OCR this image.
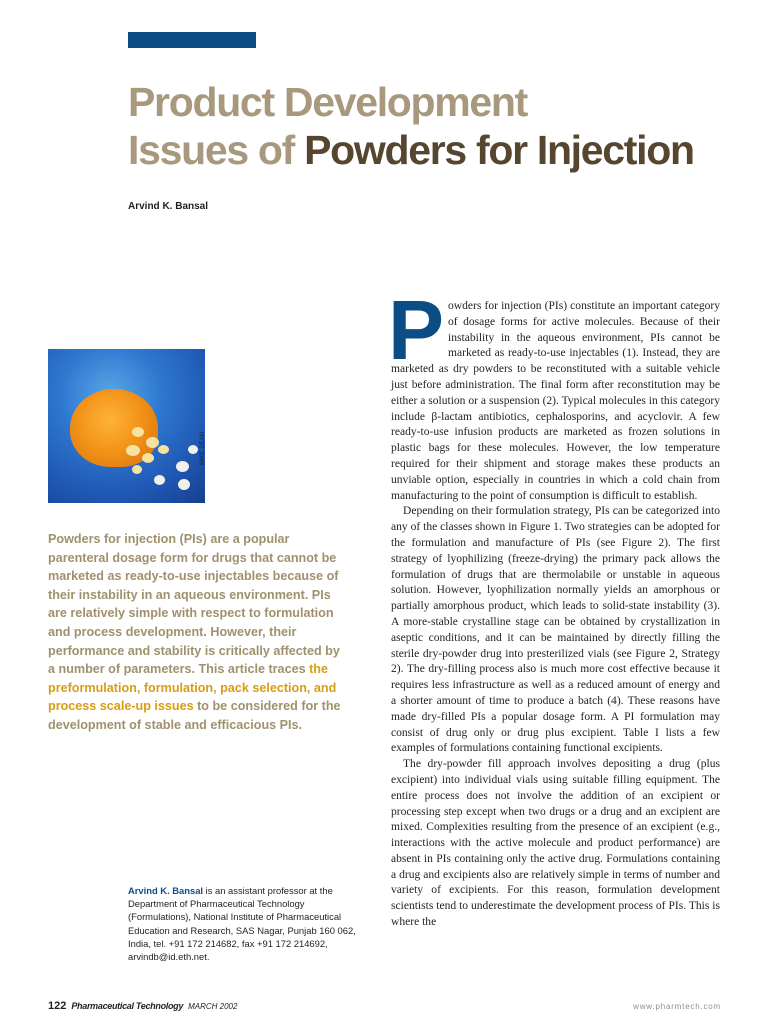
Product Development
Issues of Powders for Injection
Arvind K. Bansal
MIKE DEAN

Powders for injection (PIs) are a popular parenteral dosage form for drugs that cannot be marketed as ready-to-use injectables because of their instability in an aqueous environment. PIs are relatively simple with respect to formulation and process development. However, their performance and stability is critically affected by a number of parameters. This article traces the preformulation, formulation, pack selection, and process scale-up issues to be considered for the development of stable and efficacious PIs.

Arvind K. Bansal is an assistant professor at the Department of Pharmaceutical Technology (Formulations), National Institute of Pharmaceutical Education and Research, SAS Nagar, Punjab 160 062, India, tel. +91 172 214682, fax +91 172 214692, arvindb@id.eth.net.

Powders for injection (PIs) constitute an important category of dosage forms for active molecules. Because of their instability in the aqueous environment, PIs cannot be marketed as ready-to-use injectables (1). Instead, they are marketed as dry powders to be reconstituted with a suitable vehicle just before administration. The final form after reconstitution may be either a solution or a suspension (2). Typical molecules in this category include β-lactam antibiotics, cephalosporins, and acyclovir. A few ready-to-use infusion products are marketed as frozen solutions in plastic bags for these molecules. However, the low temperature required for their shipment and storage makes these products an unviable option, especially in countries in which a cold chain from manufacturing to the point of consumption is difficult to establish.

Depending on their formulation strategy, PIs can be categorized into any of the classes shown in Figure 1. Two strategies can be adopted for the formulation and manufacture of PIs (see Figure 2). The first strategy of lyophilizing (freeze-drying) the primary pack allows the formulation of drugs that are thermolabile or unstable in aqueous solution. However, lyophilization normally yields an amorphous or partially amorphous product, which leads to solid-state instability (3). A more-stable crystalline stage can be obtained by crystallization in aseptic conditions, and it can be maintained by directly filling the sterile dry-powder drug into presterilized vials (see Figure 2, Strategy 2). The dry-filling process also is much more cost effective because it requires less infrastructure as well as a reduced amount of energy and a shorter amount of time to produce a batch (4). These reasons have made dry-filled PIs a popular dosage form. A PI formulation may consist of drug only or drug plus excipient. Table I lists a few examples of formulations containing functional excipients.

The dry-powder fill approach involves depositing a drug (plus excipient) into individual vials using suitable filling equipment. The entire process does not involve the addition of an excipient or processing step except when two drugs or a drug and an excipient are mixed. Complexities resulting from the presence of an excipient (e.g., interactions with the active molecule and product performance) are absent in PIs containing only the active drug. Formulations containing a drug and excipients also are relatively simple in terms of number and variety of excipients. For this reason, formulation development scientists tend to underestimate the development process of PIs. This is where the

122 Pharmaceutical Technology MARCH 2002	www.pharmtech.com
